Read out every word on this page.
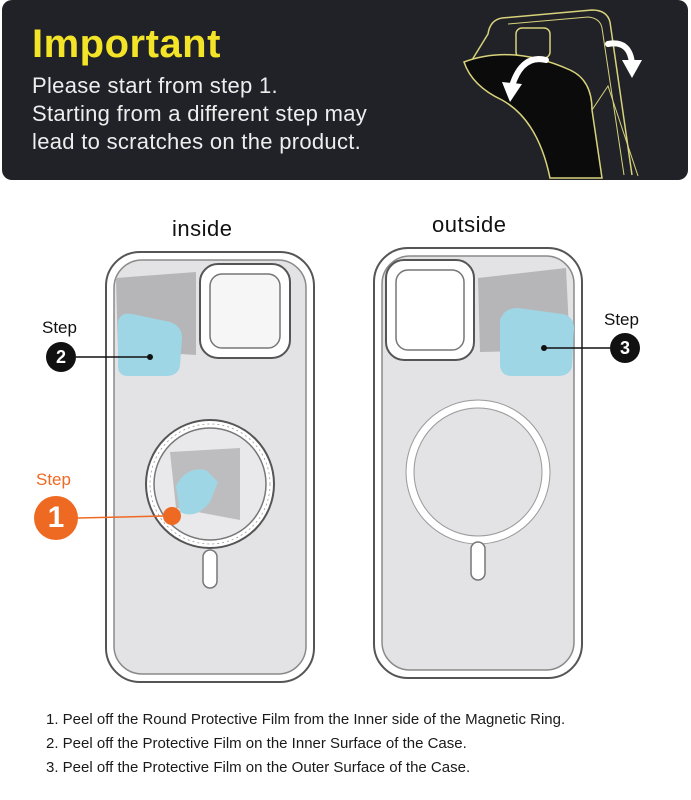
Important
Please start from step 1.
Starting from a different step may
lead to scratches on the product.
inside	outside
Step
2
Step
3
Step
1
1. Peel off the Round Protective Film from the Inner side of the Magnetic Ring.
2. Peel off the Protective Film on the Inner Surface of the Case.
3. Peel off the Protective Film on the Outer Surface of the Case.
